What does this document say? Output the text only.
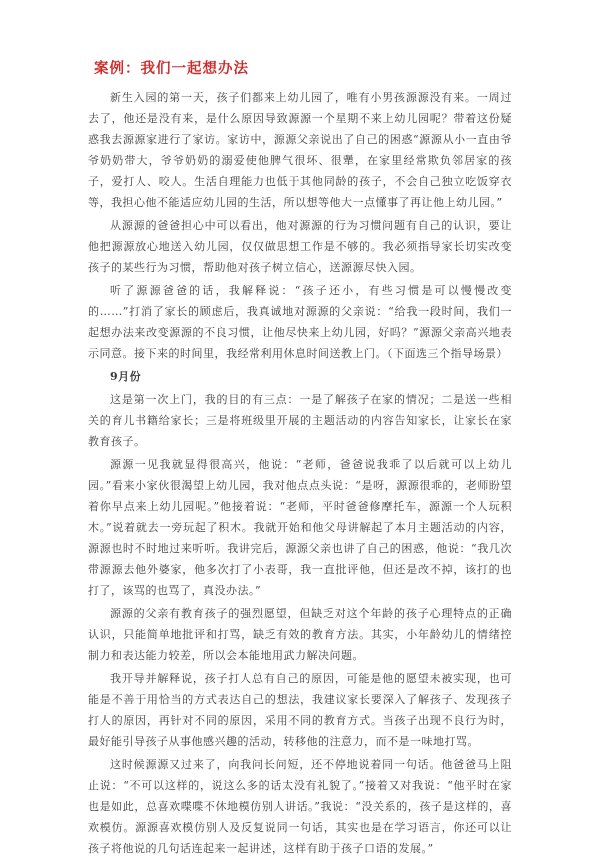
案例：我们一起想办法

新生入园的第一天，孩子们都来上幼儿园了，唯有小男孩源源没有来。一周过去了，他还是没有来，是什么原因导致源源一个星期不来上幼儿园呢？带着这份疑惑我去源源家进行了家访。家访中，源源父亲说出了自己的困惑“源源从小一直由爷爷奶奶带大，爷爷奶奶的溺爱使他脾气很坏、很犟，在家里经常欺负邻居家的孩子，爱打人、咬人。生活自理能力也低于其他同龄的孩子，不会自己独立吃饭穿衣等，我担心他不能适应幼儿园的生活，所以想等他大一点懂事了再让他上幼儿园。”

从源源的爸爸担心中可以看出，他对源源的行为习惯问题有自己的认识，要让他把源源放心地送入幼儿园，仅仅做思想工作是不够的。我必须指导家长切实改变孩子的某些行为习惯，帮助他对孩子树立信心，送源源尽快入园。

听了源源爸爸的话，我解释说：“孩子还小，有些习惯是可以慢慢改变的……”打消了家长的顾虑后，我真诚地对源源的父亲说：“给我一段时间，我们一起想办法来改变源源的不良习惯，让他尽快来上幼儿园，好吗？”源源父亲高兴地表示同意。接下来的时间里，我经常利用休息时间送教上门。（下面选三个指导场景）

9月份

这是第一次上门，我的目的有三点：一是了解孩子在家的情况；二是送一些相关的育儿书籍给家长；三是将班级里开展的主题活动的内容告知家长，让家长在家教育孩子。

源源一见我就显得很高兴，他说：“老师，爸爸说我乖了以后就可以上幼儿园。”看来小家伙很渴望上幼儿园，我对他点点头说：“是呀，源源很乖的，老师盼望着你早点来上幼儿园呢。”他接着说：“老师，平时爸爸修摩托车，源源一个人玩积木。”说着就去一旁玩起了积木。我就开始和他父母讲解起了本月主题活动的内容，源源也时不时地过来听听。我讲完后，源源父亲也讲了自己的困惑，他说：“我几次带源源去他外婆家，他多次打了小表哥，我一直批评他，但还是改不掉，该打的也打了，该骂的也骂了，真没办法。”

源源的父亲有教育孩子的强烈愿望，但缺乏对这个年龄的孩子心理特点的正确认识，只能简单地批评和打骂，缺乏有效的教育方法。其实，小年龄幼儿的情绪控制力和表达能力较差，所以会本能地用武力解决问题。

我开导并解释说，孩子打人总有自己的原因，可能是他的愿望未被实现，也可能是不善于用恰当的方式表达自己的想法，我建议家长要深入了解孩子、发现孩子打人的原因，再针对不同的原因，采用不同的教育方式。当孩子出现不良行为时，最好能引导孩子从事他感兴趣的活动，转移他的注意力，而不是一味地打骂。

这时候源源又过来了，向我问长问短，还不停地说着同一句话。他爸爸马上阻止说：“不可以这样的，说这么多的话太没有礼貌了。”接着又对我说：“他平时在家也是如此，总喜欢喋喋不休地模仿别人讲话。”我说：“没关系的，孩子是这样的，喜欢模仿。源源喜欢模仿别人及反复说同一句话，其实也是在学习语言，你还可以让孩子将他说的几句话连起来一起讲述，这样有助于孩子口语的发展。”
